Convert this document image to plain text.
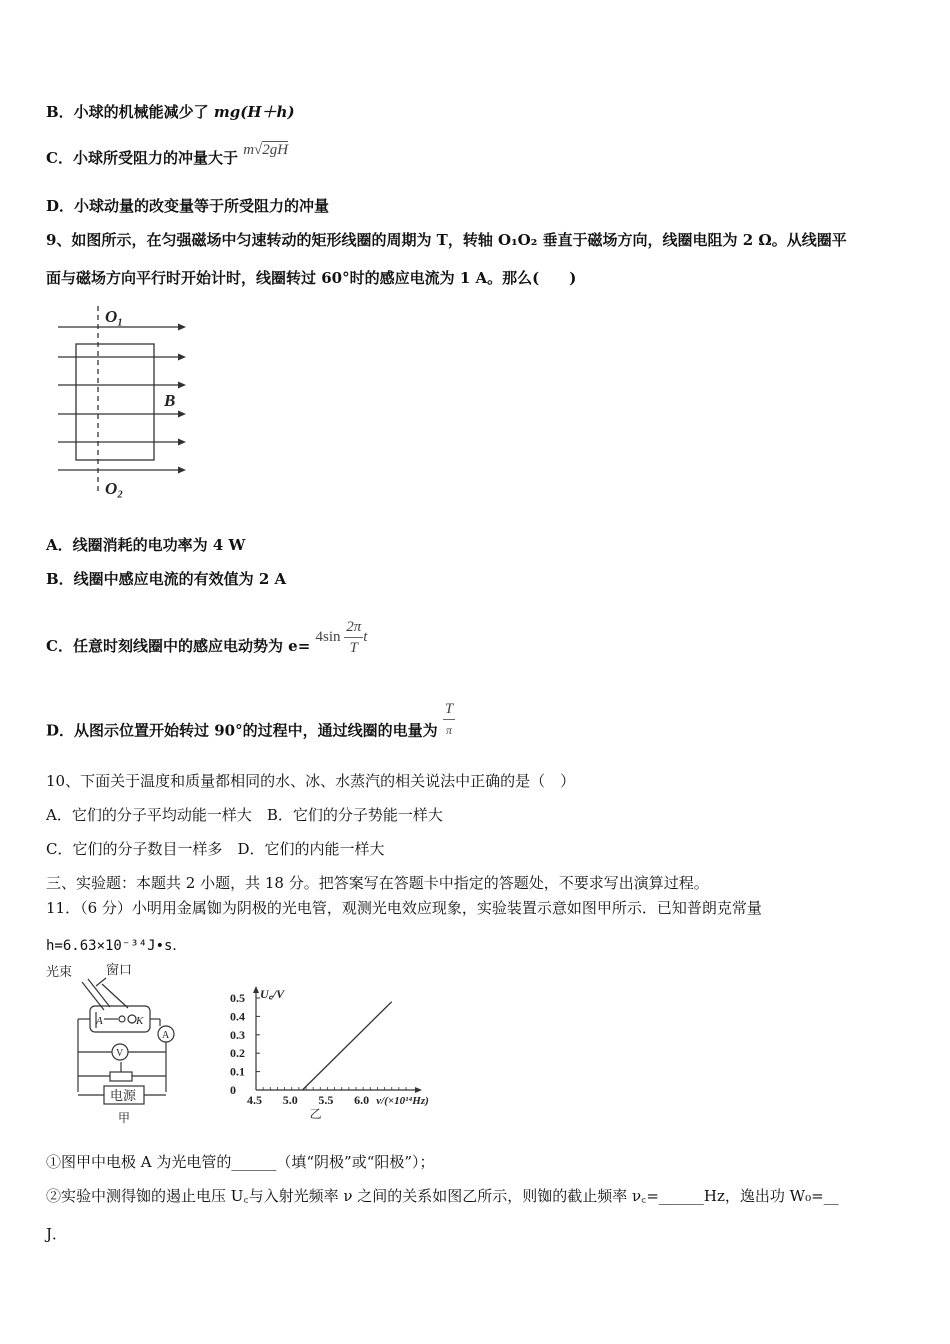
B．小球的机械能减少了 mg(H＋h)
C．小球所受阻力的冲量大于 m√2gH
D．小球动量的改变量等于所受阻力的冲量
9、如图所示，在匀强磁场中匀速转动的矩形线圈的周期为 T，转轴 O₁O₂ 垂直于磁场方向，线圈电阻为 2 Ω。从线圈平
面与磁场方向平行时开始计时，线圈转过 60°时的感应电流为 1 A。那么(　　)
O₁
B
O₂
A．线圈消耗的电功率为 4 W
B．线圈中感应电流的有效值为 2 A
C．任意时刻线圈中的感应电动势为 $e= 4\sin \frac{2\pi}{T}$ t
D．从图示位置开始转过 90°的过程中，通过线圈的电量为 $\frac{T}{\pi}$
10、下面关于温度和质量都相同的水、冰、水蒸汽的相关说法中正确的是（　）
A．它们的分子平均动能一样大　B．它们的分子势能一样大
C．它们的分子数目一样多　D．它们的内能一样大
三、实验题：本题共 2 小题，共 18 分。把答案写在答题卡中指定的答题处，不要求写出演算过程。
11．（6 分）小明用金属铷为阴极的光电管，观测光电效应现象，实验装置示意如图甲所示．已知普朗克常量
h=6.63×10⁻³⁴J•s．
光束	窗口
A	K
A
V
电源
甲
4.5 5.0 5.5 6.0
0
0.1
0.2
0.3
0.4
0.5 U꜀/V
ν/(×10¹⁴Hz)
乙
①图甲中电极 A 为光电管的______（填“阴极”或“阳极”）；
②实验中测得铷的遏止电压 U꜀与入射光频率 ν 之间的关系如图乙所示，则铷的截止频率 ν꜀=______Hz，逸出功 W₀=__
J．
